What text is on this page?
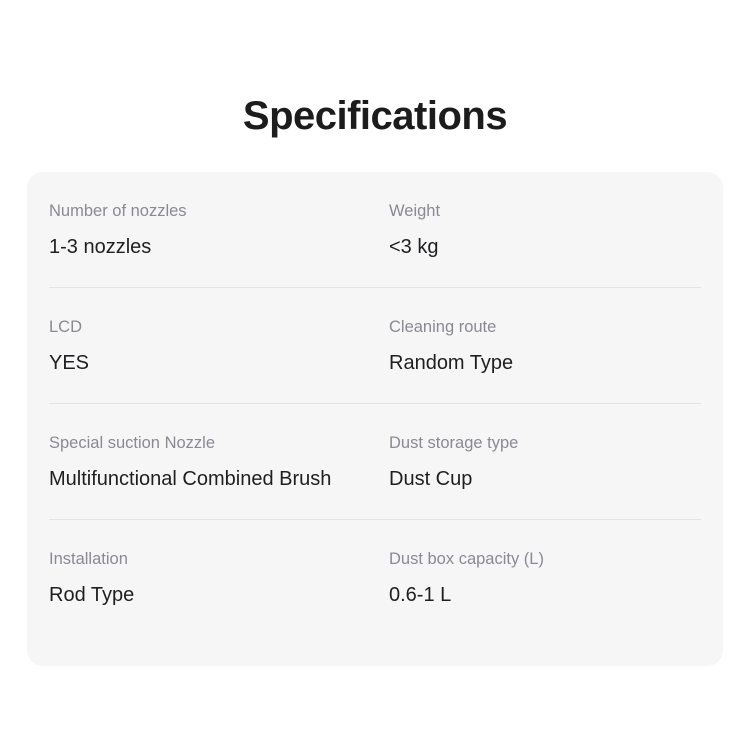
Specifications
Number of nozzles
1-3 nozzles
Weight
<3 kg
LCD
YES
Cleaning route
Random Type
Special suction Nozzle
Multifunctional Combined Brush
Dust storage type
Dust Cup
Installation
Rod Type
Dust box capacity (L)
0.6-1 L
